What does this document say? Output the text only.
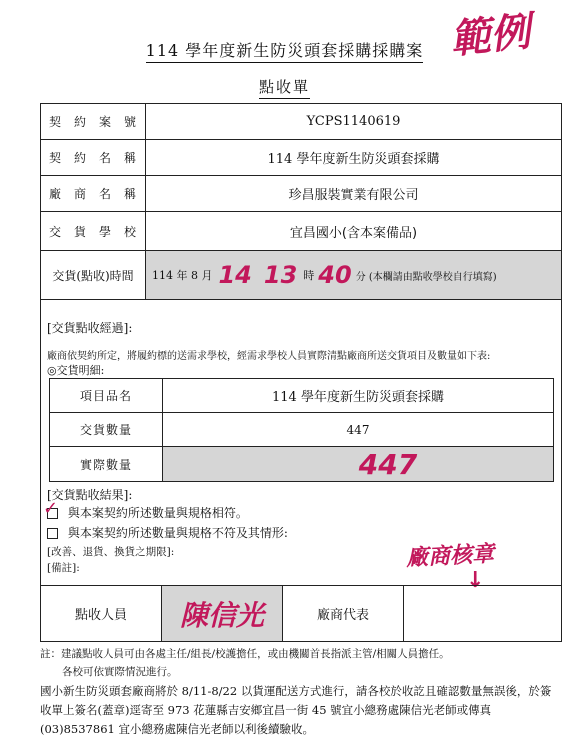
114 學年度新生防災頭套採購採購案
點收單
範例
契約案號	YCPS1140619
契約名稱	114 學年度新生防災頭套採購
廠商名稱	珍昌服裝實業有限公司
交貨學校	宜昌國小(含本案備品)
交貨(點收)時間	114 年 8 月 14 13 時 40 分 (本欄請由點收學校自行填寫)
[交貨點收經過]:
廠商依契約所定，將履約標的送需求學校，經需求學校人員實際清點廠商所送交貨項目及數量如下表:
◎交貨明細:
項目品名	114 學年度新生防災頭套採購
交貨數量	447
實際數量	447
[交貨點收結果]:

✓ 與本案契約所述數量與規格相符。
與本案契約所述數量與規格不符及其情形:
[改善、退貨、換貨之期限]:
[備註]:	廠商核章
↓
點收人員	陳信光	廠商代表
註：建議點收人員可由各處主任/組長/校護擔任，或由機關首長指派主管/相關人員擔任。
各校可依實際情況進行。
國小新生防災頭套廠商將於 8/11-8/22 以貨運配送方式進行，請各校於收訖且確認數量無誤後，於簽收單上簽名(蓋章)逕寄至 973 花蓮縣吉安鄉宜昌一街 45 號宜小總務處陳信光老師或傳真(03)8537861 宜小總務處陳信光老師以利後續驗收。
